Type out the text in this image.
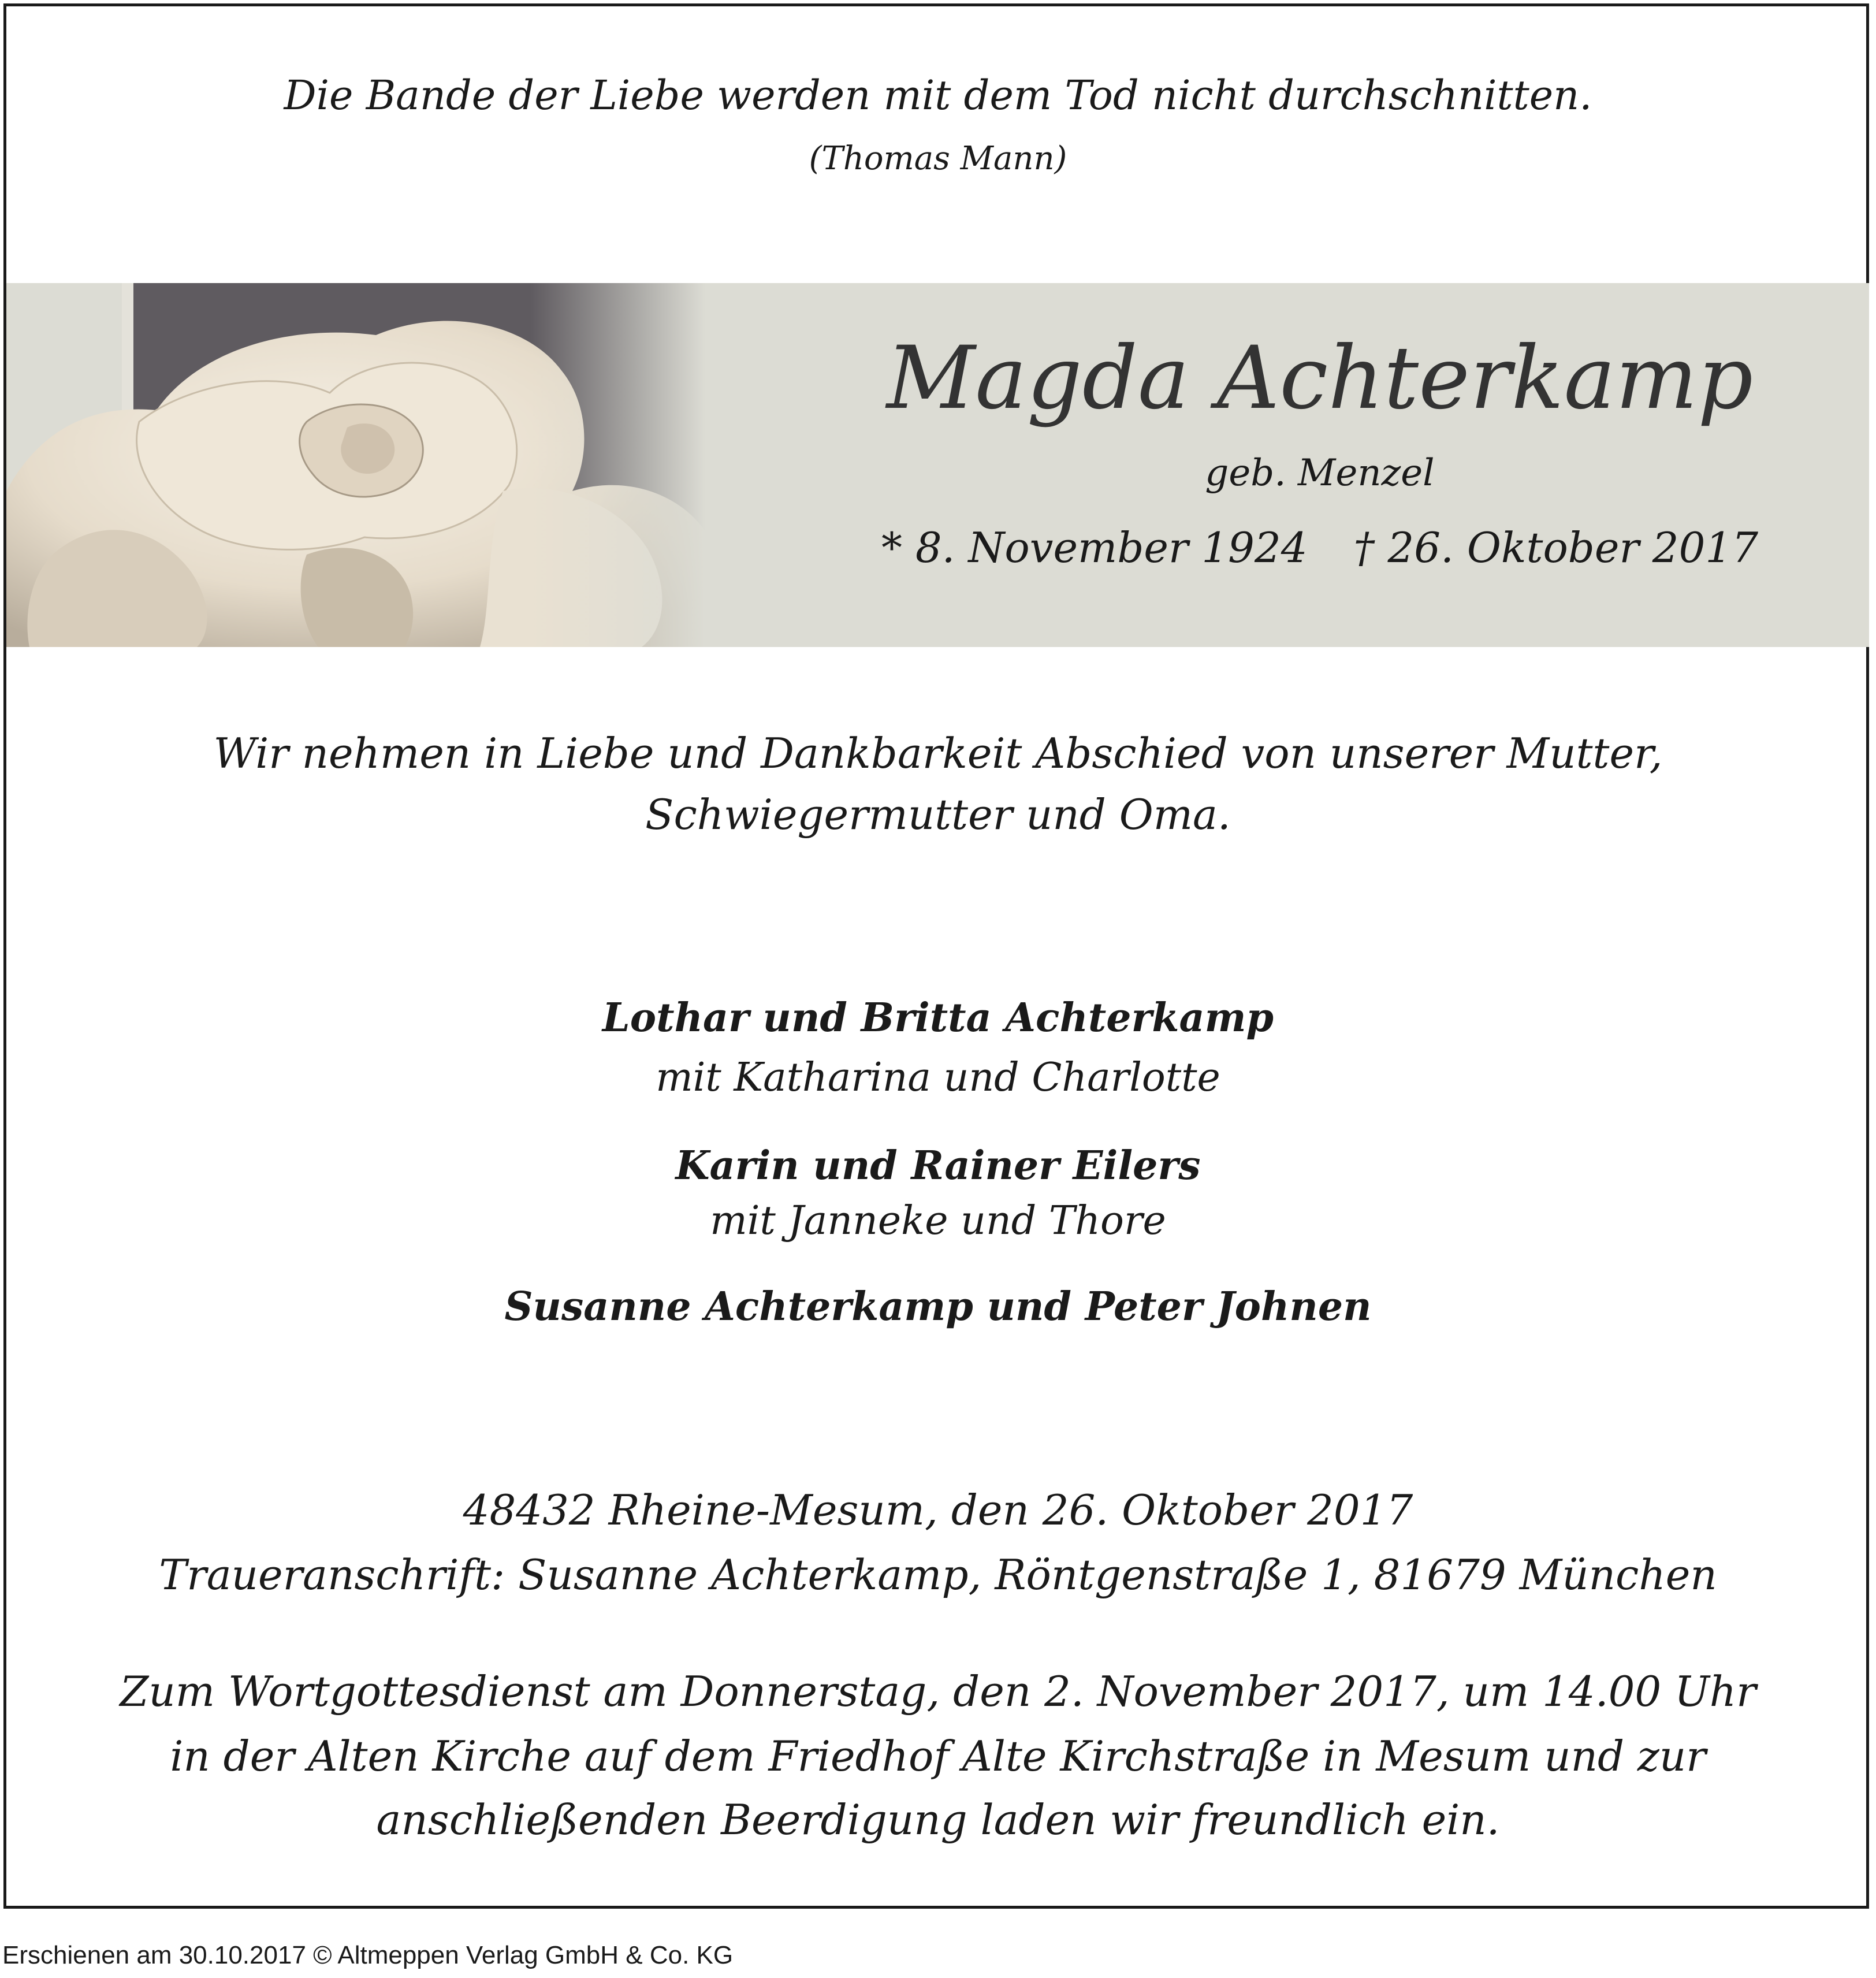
Die Bande der Liebe werden mit dem Tod nicht durchschnitten.
(Thomas Mann)
Magda Achterkamp
geb. Menzel
* 8. November 1924 † 26. Oktober 2017
Wir nehmen in Liebe und Dankbarkeit Abschied von unserer Mutter,
Schwiegermutter und Oma.
Lothar und Britta Achterkamp
mit Katharina und Charlotte
Karin und Rainer Eilers
mit Janneke und Thore
Susanne Achterkamp und Peter Johnen
48432 Rheine-Mesum, den 26. Oktober 2017
Traueranschrift: Susanne Achterkamp, Röntgenstraße 1, 81679 München
Zum Wortgottesdienst am Donnerstag, den 2. November 2017, um 14.00 Uhr
in der Alten Kirche auf dem Friedhof Alte Kirchstraße in Mesum und zur
anschließenden Beerdigung laden wir freundlich ein.
Erschienen am 30.10.2017 © Altmeppen Verlag GmbH & Co. KG
